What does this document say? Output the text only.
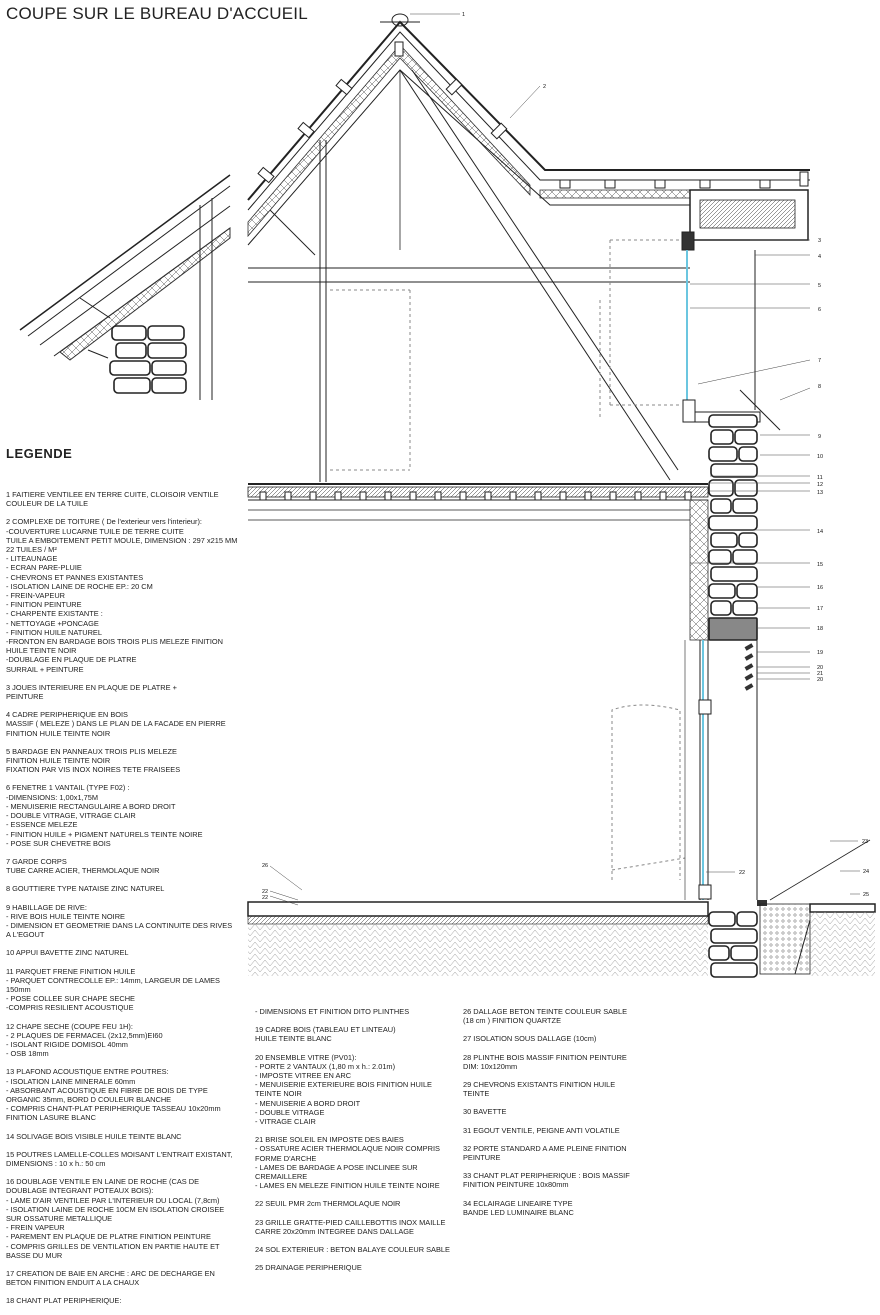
COUPE SUR LE BUREAU D'ACCUEIL	1
2
3
4
5
6
7
8
9
10
11
12
13
14
15
16
17
18
19
20
21
20
22
23
24
25
26
22
22
LEGENDE

1 FAITIERE VENTILEE EN TERRE CUITE, CLOISOIR VENTILE COULEUR DE LA TUILE

2 COMPLEXE DE TOITURE ( De l'exterieur vers l'interieur):
-COUVERTURE LUCARNE TUILE DE TERRE CUITE
TUILE A EMBOITEMENT PETIT MOULE, DIMENSION : 297 x215 MM
22 TUILES / M²
- LITEAUNAGE
- ECRAN PARE-PLUIE
- CHEVRONS ET PANNES EXISTANTES
- ISOLATION LAINE DE ROCHE EP.: 20 CM
- FREIN-VAPEUR
- FINITION PEINTURE
- CHARPENTE EXISTANTE :
- NETTOYAGE +PONCAGE
- FINITION HUILE NATUREL
-FRONTON EN BARDAGE BOIS TROIS PLIS MELEZE FINITION HUILE TEINTE NOIR
-DOUBLAGE EN PLAQUE DE PLATRE
SURRAIL + PEINTURE

3 JOUES INTERIEURE EN PLAQUE DE PLATRE +
PEINTURE

4 CADRE PERIPHERIQUE EN BOIS
MASSIF ( MELEZE ) DANS LE PLAN DE LA FACADE EN PIERRE
FINITION HUILE TEINTE NOIR

5 BARDAGE EN PANNEAUX TROIS PLIS MELEZE
FINITION HUILE TEINTE NOIR
FIXATION PAR VIS INOX NOIRES TETE FRAISEES

6 FENETRE 1 VANTAIL (TYPE F02) :
-DIMENSIONS: 1,00x1,75M
- MENUISERIE RECTANGULAIRE A BORD DROIT
- DOUBLE VITRAGE, VITRAGE CLAIR
- ESSENCE MELEZE
- FINITION HUILE + PIGMENT NATURELS TEINTE NOIRE
- POSE SUR CHEVETRE BOIS

7 GARDE CORPS
TUBE CARRE ACIER, THERMOLAQUE NOIR

8 GOUTTIERE TYPE NATAISE ZINC NATUREL

9 HABILLAGE DE RIVE:
- RIVE BOIS HUILE TEINTE NOIRE
- DIMENSION ET GEOMETRIE DANS LA CONTINUITE DES RIVES A L'EGOUT

10 APPUI BAVETTE ZINC NATUREL

11 PARQUET FRENE FINITION HUILE
- PARQUET CONTRECOLLE EP.: 14mm, LARGEUR DE LAMES 150mm
- POSE COLLEE SUR CHAPE SECHE
-COMPRIS RESILIENT ACOUSTIQUE

12 CHAPE SECHE (COUPE FEU 1H):
- 2 PLAQUES DE FERMACEL (2x12,5mm)EI60
- ISOLANT RIGIDE DOMISOL 40mm
- OSB 18mm

13 PLAFOND ACOUSTIQUE ENTRE POUTRES:
- ISOLATION LAINE MINERALE 60mm
- ABSORBANT ACOUSTIQUE EN FIBRE DE BOIS DE TYPE
ORGANIC 35mm, BORD D COULEUR BLANCHE
- COMPRIS CHANT-PLAT PERIPHERIQUE TASSEAU 10x20mm FINITION LASURE BLANC

14 SOLIVAGE BOIS VISIBLE HUILE TEINTE BLANC

15 POUTRES LAMELLE-COLLES MOISANT L'ENTRAIT EXISTANT, DIMENSIONS : 10 x h.: 50 cm

16 DOUBLAGE VENTILE EN LAINE DE ROCHE (CAS DE DOUBLAGE INTEGRANT POTEAUX BOIS):
- LAME D'AIR VENTILEE PAR L'INTERIEUR DU LOCAL (7,8cm)
- ISOLATION LAINE DE ROCHE 10CM EN ISOLATION CROISEE SUR OSSATURE METALLIQUE
- FREIN VAPEUR
- PAREMENT EN PLAQUE DE PLATRE FINITION PEINTURE
- COMPRIS GRILLES DE VENTILATION EN PARTIE HAUTE ET BASSE DU MUR

17 CREATION DE BAIE EN ARCHE : ARC DE DECHARGE EN BETON FINITION ENDUIT A LA CHAUX

18 CHANT PLAT PERIPHERIQUE:

- DIMENSIONS ET FINITION DITO PLINTHES

19 CADRE BOIS (TABLEAU ET LINTEAU)
HUILE TEINTE BLANC

20 ENSEMBLE VITRE (PV01):
- PORTE 2 VANTAUX (1,80 m x h.: 2.01m)
- IMPOSTE VITREE EN ARC
- MENUISERIE EXTERIEURE BOIS FINITION HUILE TEINTE NOIR
- MENUISERIE A BORD DROIT
- DOUBLE VITRAGE
- VITRAGE CLAIR

21 BRISE SOLEIL EN IMPOSTE DES BAIES
- OSSATURE ACIER THERMOLAQUE NOIR COMPRIS FORME D'ARCHE
- LAMES DE BARDAGE A POSE INCLINEE SUR CREMAILLERE
- LAMES EN MELEZE FINITION HUILE TEINTE NOIRE

22 SEUIL PMR 2cm THERMOLAQUE NOIR

23 GRILLE GRATTE-PIED CAILLEBOTTIS INOX MAILLE CARRE 20x20mm INTEGREE DANS DALLAGE

24 SOL EXTERIEUR : BETON BALAYE COULEUR SABLE

25 DRAINAGE PERIPHERIQUE

26 DALLAGE BETON TEINTE COULEUR SABLE
(18 cm ) FINITION QUARTZE

27 ISOLATION SOUS DALLAGE (10cm)

28 PLINTHE BOIS MASSIF FINITION PEINTURE
DIM: 10x120mm

29 CHEVRONS EXISTANTS FINITION HUILE TEINTE

30 BAVETTE

31 EGOUT VENTILE, PEIGNE ANTI VOLATILE

32 PORTE STANDARD A AME PLEINE FINITION PEINTURE

33 CHANT PLAT PERIPHERIQUE : BOIS MASSIF FINITION PEINTURE 10x80mm

34 ECLAIRAGE LINEAIRE TYPE
BANDE LED LUMINAIRE BLANC
